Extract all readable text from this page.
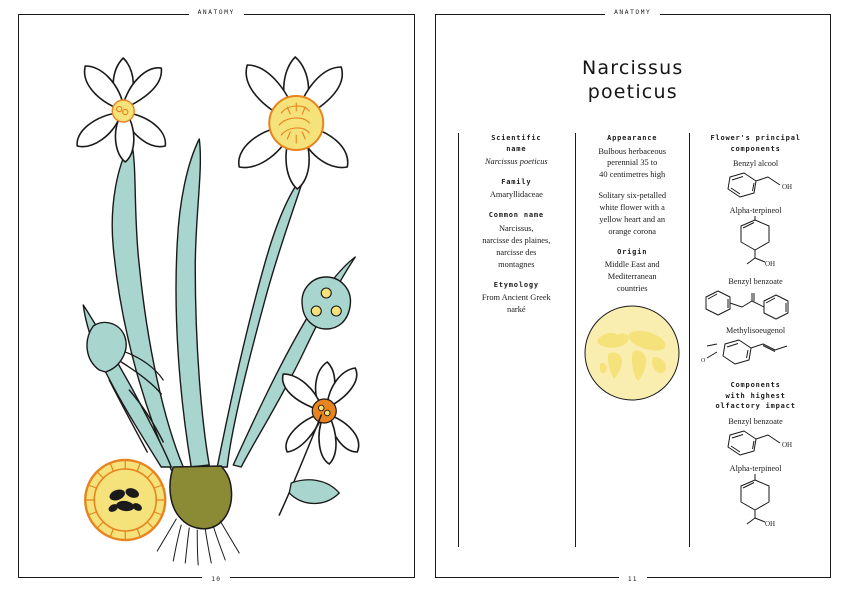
ANATOMY
10
ANATOMY
Narcissus
poeticus
Scientific
name
Narcissus poeticus
Family
Amaryllidaceae
Common name
Narcissus,
narcisse des plaines,
narcisse des
montagnes
Etymology
From Ancient Greek
narké
Appearance
Bulbous herbaceous
perennial 35 to
40 centimetres high
Solitary six-petalled
white flower with a
yellow heart and an
orange corona
Origin
Middle East and
Mediterranean
countries
Flower's principal
components
Benzyl alcool
OH
Alpha-terpineol
OH
Benzyl benzoate
Methylisoeugenol
O
Components
with highest
olfactory impact
Benzyl benzoate
OH
Alpha-terpineol
OH
11
